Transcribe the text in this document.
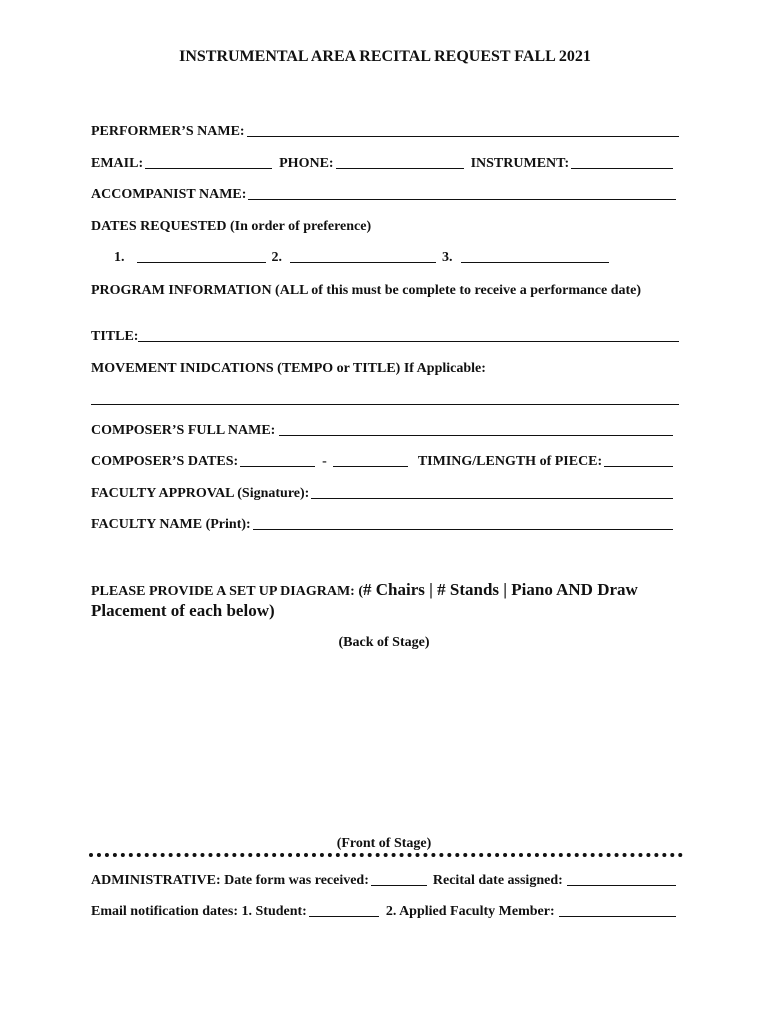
INSTRUMENTAL AREA RECITAL REQUEST FALL 2021
PERFORMER’S NAME:
EMAIL:	PHONE:	INSTRUMENT:
ACCOMPANIST NAME:
DATES REQUESTED (In order of preference)
1.	2.	3.
PROGRAM INFORMATION (ALL of this must be complete to receive a performance date)
TITLE:
MOVEMENT INIDCATIONS (TEMPO or TITLE) If Applicable:
COMPOSER’S FULL NAME:
COMPOSER’S DATES:	-	TIMING/LENGTH of PIECE:
FACULTY APPROVAL (Signature):
FACULTY NAME (Print):
PLEASE PROVIDE A SET UP DIAGRAM: (# Chairs | # Stands | Piano AND Draw
Placement of each below)
(Back of Stage)
(Front of Stage)
ADMINISTRATIVE: Date form was received:	Recital date assigned:
Email notification dates: 1. Student:	2. Applied Faculty Member:
